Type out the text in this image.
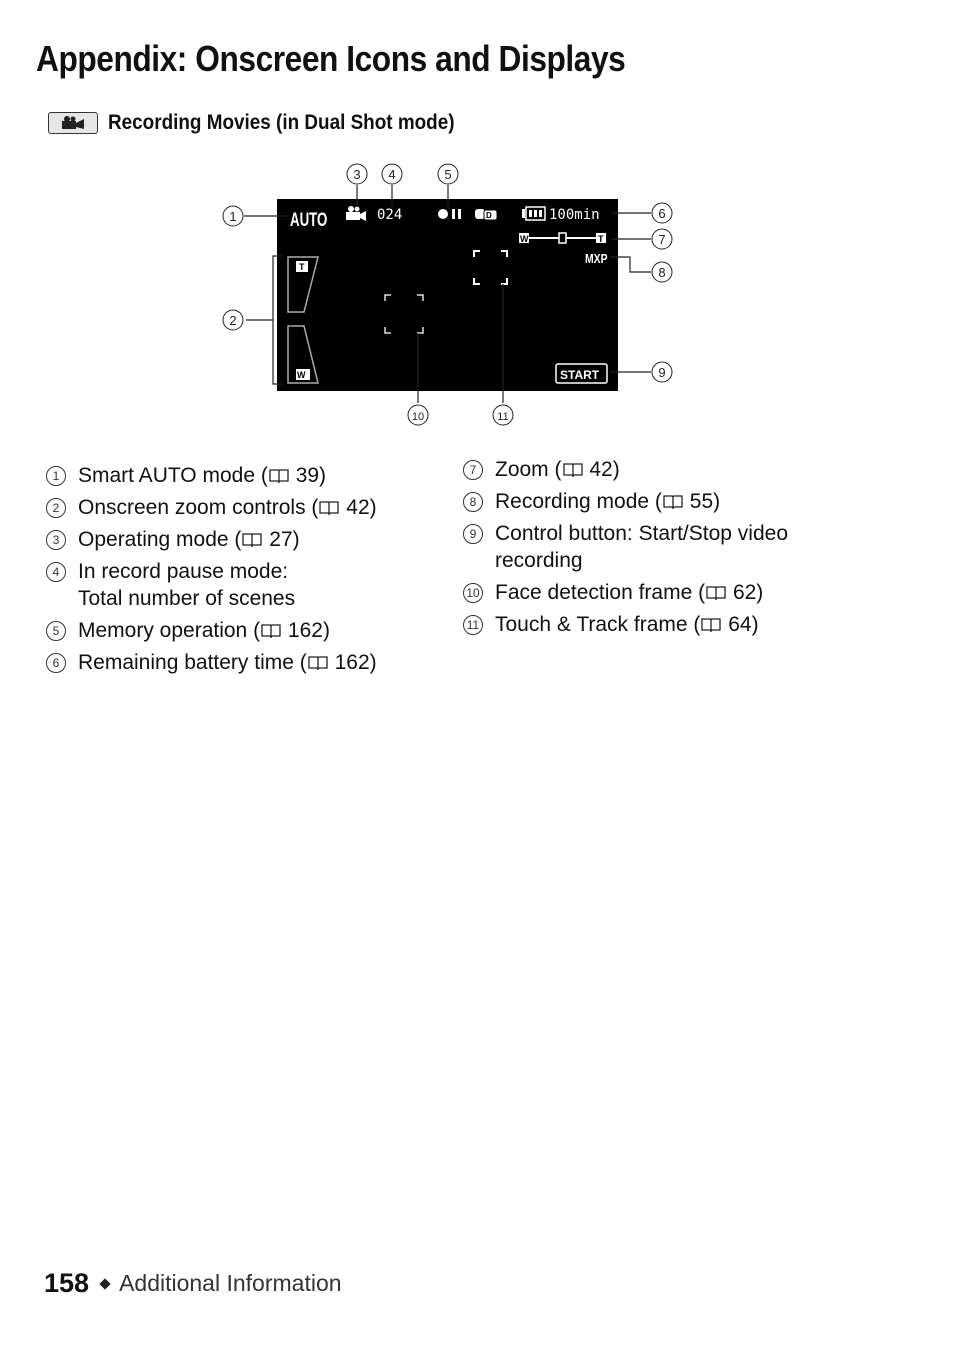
Appendix: Onscreen Icons and Displays
Recording Movies (in Dual Shot mode)
AUTO	024	D	100min
W	T
MXP
T
W	START
1
2
3 4	5
6
7
8
9
10	11
1 Smart AUTO mode ( 39)
2 Onscreen zoom controls ( 42)
3 Operating mode ( 27)
4 In record pause mode:
Total number of scenes
5 Memory operation ( 162)
6 Remaining battery time ( 162)
7 Zoom ( 42)
8 Recording mode ( 55)
9 Control button: Start/Stop video
recording
10 Face detection frame ( 62)
11 Touch & Track frame ( 64)
158 Additional Information
